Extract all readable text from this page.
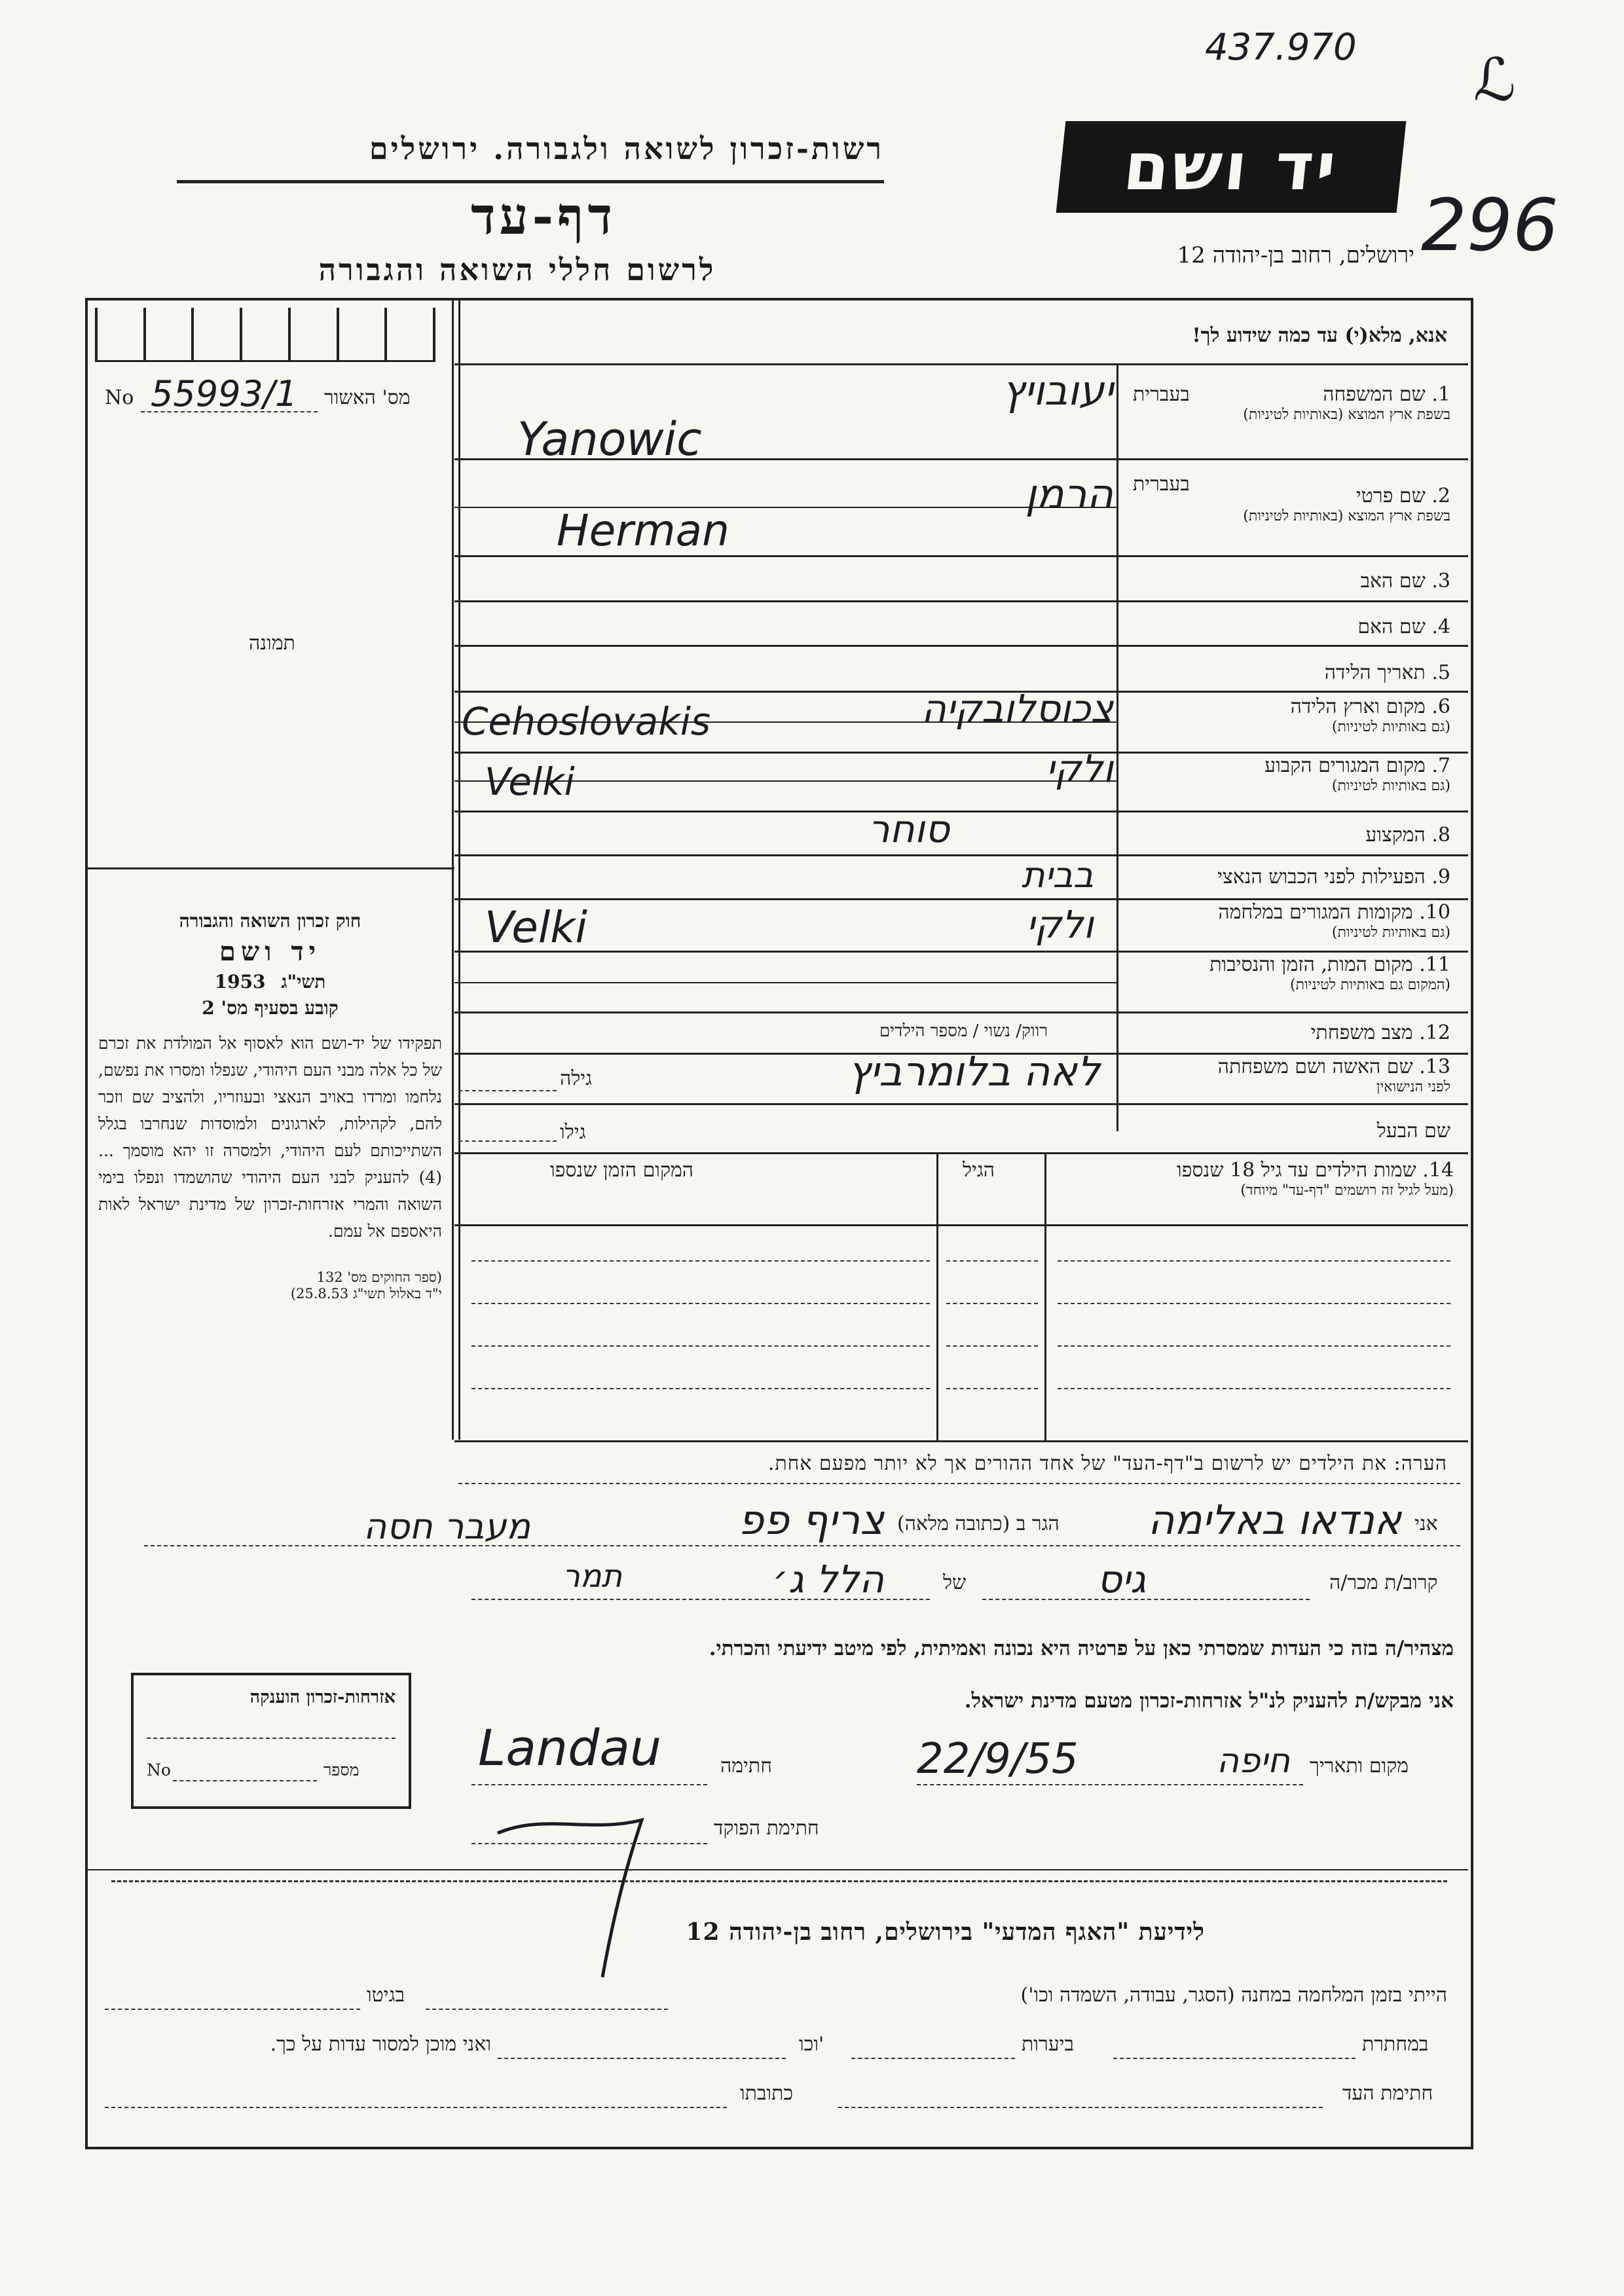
437.970
296
ℒ
רשות-זכרון לשואה ולגבורה. ירושלים
דף-עד
לרשום חללי השואה והגבורה
יד ושם
ירושלים, רחוב בן-יהודה 12
מס' האשור
No 55993/1
תמונה
חוק זכרון השואה והגבורה
יד ושם
תשי"ג 1953
קובע בסעיף מס' 2
תפקידו של יד-ושם הוא לאסוף אל המולדת את זכרם של כל אלה מבני העם היהודי, שנפלו ומסרו את נפשם, נלחמו ומרדו באויב הנאצי ובעוזריו, ולהציב שם וזכר להם, לקהילות, לארגונים ולמוסדות שנחרבו בגלל השתייכותם לעם היהודי, ולמסרה זו יהא מוסמך ... (4) להעניק לבני העם היהודי שהושמדו ונפלו בימי השואה והמרי אזרחות-זכרון של מדינת ישראל לאות היאספם אל עמם.
(ספר החוקים מס' 132
י"ד באלול תשי"ג 25.8.53)
אנא, מלא(י) עד כמה שידוע לך!
1. שם המשפחה
בשפת ארץ המוצא (באותיות לטיניות)
בעברית
2. שם פרטי
בשפת ארץ המוצא (באותיות לטיניות)
בעברית
3. שם האב
4. שם האם
5. תאריך הלידה
6. מקום וארץ הלידה
(גם באותיות לטיניות)
7. מקום המגורים הקבוע
(גם באותיות לטיניות)
8. המקצוע
9. הפעילות לפני הכבוש הנאצי
10. מקומות המגורים במלחמה
(גם באותיות לטיניות)
11. מקום המות, הזמן והנסיבות
(המקום גם באותיות לטיניות)
12. מצב משפחתי
רווק/ נשוי / מספר הילדים
13. שם האשה ושם משפחתה
לפני הנישואין
גילה
שם הבעל
גילו
יעובויץ
Yanowic
הרמן
Herman
צכוסלובקיה
Cehoslovakis
ולקי
Velki
סוחר
בבית
ולקי
Velki
לאה בלומרביץ
14. שמות הילדים עד גיל 18 שנספו
(מעל לגיל זה רושמים "דף-עד" מיוחד)
הגיל
המקום הזמן שנספו
הערה: את הילדים יש לרשום ב"דף-העד" של אחד ההורים אך לא יותר מפעם אחת.
אני
אנדאו באלימה
הגר ב (כתובה מלאה)
צריף פפ
מעבר חסה
קרוב/ת מכר/ה
גיס
של
הלל ג׳
תמר
מצהיר/ה בזה כי העדות שמסרתי כאן על פרטיה היא נכונה ואמיתית, לפי מיטב ידיעתי והכרתי.
אני מבקש/ת להעניק לנ"ל אזרחות-זכרון מטעם מדינת ישראל.
מקום ותאריך
חיפה
22/9/55
חתימה
Landau
חתימת הפוקד
אזרחות-זכרון הוענקה
מספר
No
לידיעת "האגף המדעי" בירושלים, רחוב בן-יהודה 12
הייתי בזמן המלחמה במחנה (הסגר, עבודה, השמדה וכו')
בגיטו
במחתרת
ביערות
וכו'
ואני מוכן למסור עדות על כך.
חתימת העד
כתובתו
